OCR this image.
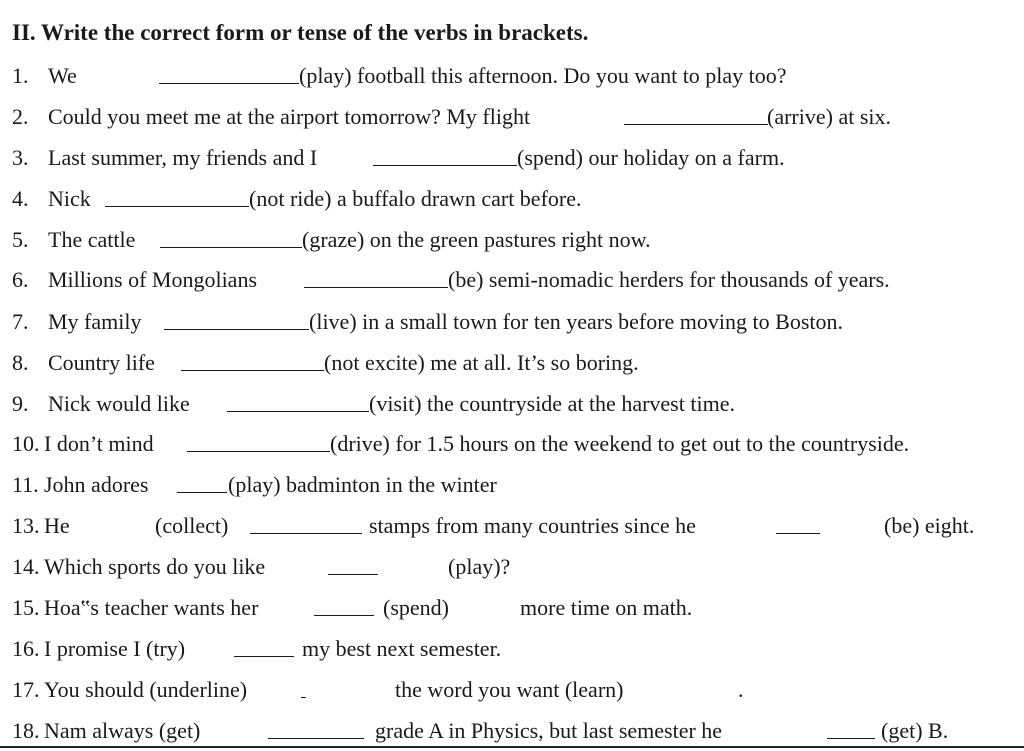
II. Write the correct form or tense of the verbs in brackets.
1. We	(play) football this afternoon. Do you want to play too?
2. Could you meet me at the airport tomorrow? My flight	(arrive) at six.
3. Last summer, my friends and I	(spend) our holiday on a farm.
4. Nick	(not ride) a buffalo drawn cart before.
5. The cattle	(graze) on the green pastures right now.
6. Millions of Mongolians	(be) semi-nomadic herders for thousands of years.
7. My family	(live) in a small town for ten years before moving to Boston.
8. Country life	(not excite) me at all. It’s so boring.
9. Nick would like	(visit) the countryside at the harvest time.
10. I don’t mind	(drive) for 1.5 hours on the weekend to get out to the countryside.
11. John adores	(play) badminton in the winter
13. He	(collect)	stamps from many countries since he	(be) eight.
14. Which sports do you like	(play)?
15. Hoa‟s teacher wants her	(spend)	more time on math.
16. I promise I (try)	my best next semester.
17. You should (underline)	the word you want (learn)	.
18. Nam always (get)	grade A in Physics, but last semester he	(get) B.
